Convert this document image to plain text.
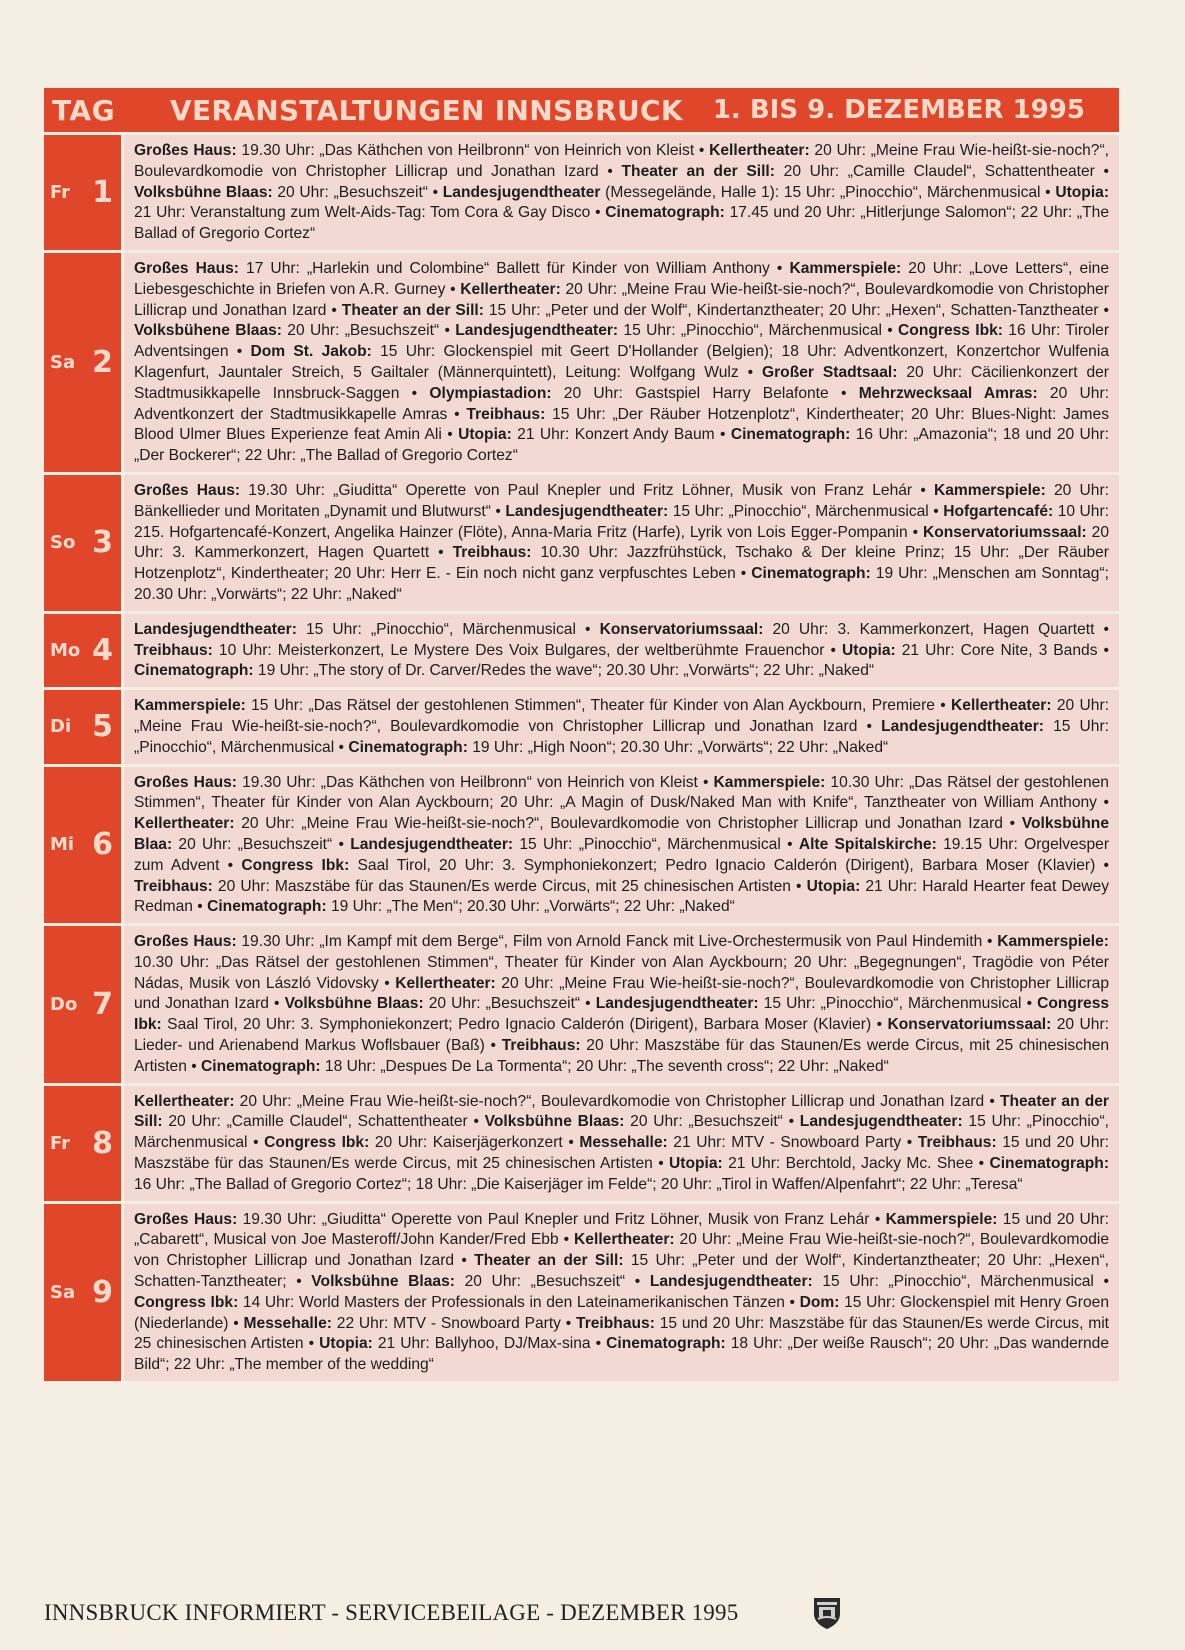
TAG	VERANSTALTUNGEN INNSBRUCK 1. BIS 9. DEZEMBER 1995
Fr 1
Großes Haus: 19.30 Uhr: „Das Käthchen von Heilbronn“ von Heinrich von Kleist • Kellertheater: 20 Uhr: „Meine Frau Wie-heißt-sie-noch?“, Boulevardkomodie von Christopher Lillicrap und Jonathan Izard • Theater an der Sill: 20 Uhr: „Camille Claudel“, Schattentheater • Volksbühne Blaas: 20 Uhr: „Besuchszeit“ • Landesjugendtheater (Messegelände, Halle 1): 15 Uhr: „Pinocchio“, Märchenmusical • Utopia: 21 Uhr: Veranstaltung zum Welt-Aids-Tag: Tom Cora & Gay Disco • Cinematograph: 17.45 und 20 Uhr: „Hitlerjunge Salomon“; 22 Uhr: „The Ballad of Gregorio Cortez“
Sa 2
Großes Haus: 17 Uhr: „Harlekin und Colombine“ Ballett für Kinder von William Anthony • Kammerspiele: 20 Uhr: „Love Letters“, eine Liebesgeschichte in Briefen von A.R. Gurney • Kellertheater: 20 Uhr: „Meine Frau Wie-heißt-sie-noch?“, Boulevardkomodie von Christopher Lillicrap und Jonathan Izard • Theater an der Sill: 15 Uhr: „Peter und der Wolf“, Kindertanztheater; 20 Uhr: „Hexen“, Schatten-Tanztheater • Volksbühene Blaas: 20 Uhr: „Besuchszeit“ • Landesjugendtheater: 15 Uhr: „Pinocchio“, Märchenmusical • Congress Ibk: 16 Uhr: Tiroler Adventsingen • Dom St. Jakob: 15 Uhr: Glockenspiel mit Geert D'Hollander (Belgien); 18 Uhr: Adventkonzert, Konzertchor Wulfenia Klagenfurt, Jauntaler Streich, 5 Gailtaler (Männerquintett), Leitung: Wolfgang Wulz • Großer Stadtsaal: 20 Uhr: Cäcilienkonzert der Stadtmusikkapelle Innsbruck-Saggen • Olympiastadion: 20 Uhr: Gastspiel Harry Belafonte • Mehrzwecksaal Amras: 20 Uhr: Adventkonzert der Stadtmusikkapelle Amras • Treibhaus: 15 Uhr: „Der Räuber Hotzenplotz“, Kindertheater; 20 Uhr: Blues-Night: James Blood Ulmer Blues Experienze feat Amin Ali • Utopia: 21 Uhr: Konzert Andy Baum • Cinematograph: 16 Uhr: „Amazonia“; 18 und 20 Uhr: „Der Bockerer“; 22 Uhr: „The Ballad of Gregorio Cortez“
So 3
Großes Haus: 19.30 Uhr: „Giuditta“ Operette von Paul Knepler und Fritz Löhner, Musik von Franz Lehár • Kammerspiele: 20 Uhr: Bänkellieder und Moritaten „Dynamit und Blutwurst“ • Landesjugendtheater: 15 Uhr: „Pinocchio“, Märchenmusical • Hofgartencafé: 10 Uhr: 215. Hofgartencafé-Konzert, Angelika Hainzer (Flöte), Anna-Maria Fritz (Harfe), Lyrik von Lois Egger-Pompanin • Konservatoriumssaal: 20 Uhr: 3. Kammerkonzert, Hagen Quartett • Treibhaus: 10.30 Uhr: Jazzfrühstück, Tschako & Der kleine Prinz; 15 Uhr: „Der Räuber Hotzenplotz“, Kindertheater; 20 Uhr: Herr E. - Ein noch nicht ganz verpfuschtes Leben • Cinematograph: 19 Uhr: „Menschen am Sonntag“; 20.30 Uhr: „Vorwärts“; 22 Uhr: „Naked“
Mo 4
Landesjugendtheater: 15 Uhr: „Pinocchio“, Märchenmusical • Konservatoriumssaal: 20 Uhr: 3. Kammerkonzert, Hagen Quartett • Treibhaus: 10 Uhr: Meisterkonzert, Le Mystere Des Voix Bulgares, der weltberühmte Frauenchor • Utopia: 21 Uhr: Core Nite, 3 Bands • Cinematograph: 19 Uhr: „The story of Dr. Carver/Redes the wave“; 20.30 Uhr: „Vorwärts“; 22 Uhr: „Naked“
Di 5
Kammerspiele: 15 Uhr: „Das Rätsel der gestohlenen Stimmen“, Theater für Kinder von Alan Ayckbourn, Premiere • Kellertheater: 20 Uhr: „Meine Frau Wie-heißt-sie-noch?“, Boulevardkomodie von Christopher Lillicrap und Jonathan Izard • Landesjugendtheater: 15 Uhr: „Pinocchio“, Märchenmusical • Cinematograph: 19 Uhr: „High Noon“; 20.30 Uhr: „Vorwärts“; 22 Uhr: „Naked“
Mi 6
Großes Haus: 19.30 Uhr: „Das Käthchen von Heilbronn“ von Heinrich von Kleist • Kammerspiele: 10.30 Uhr: „Das Rätsel der gestohlenen Stimmen“, Theater für Kinder von Alan Ayckbourn; 20 Uhr: „A Magin of Dusk/Naked Man with Knife“, Tanztheater von William Anthony • Kellertheater: 20 Uhr: „Meine Frau Wie-heißt-sie-noch?“, Boulevardkomodie von Christopher Lillicrap und Jonathan Izard • Volksbühne Blaa: 20 Uhr: „Besuchszeit“ • Landesjugendtheater: 15 Uhr: „Pinocchio“, Märchenmusical • Alte Spitalskirche: 19.15 Uhr: Orgelvesper zum Advent • Congress Ibk: Saal Tirol, 20 Uhr: 3. Symphoniekonzert; Pedro Ignacio Calderón (Dirigent), Barbara Moser (Klavier) • Treibhaus: 20 Uhr: Maszstäbe für das Staunen/Es werde Circus, mit 25 chinesischen Artisten • Utopia: 21 Uhr: Harald Hearter feat Dewey Redman • Cinematograph: 19 Uhr: „The Men“; 20.30 Uhr: „Vorwärts“; 22 Uhr: „Naked“
Do 7
Großes Haus: 19.30 Uhr: „Im Kampf mit dem Berge“, Film von Arnold Fanck mit Live-Orchestermusik von Paul Hindemith • Kammerspiele: 10.30 Uhr: „Das Rätsel der gestohlenen Stimmen“, Theater für Kinder von Alan Ayckbourn; 20 Uhr: „Begegnungen“, Tragödie von Péter Nádas, Musik von László Vidovsky • Kellertheater: 20 Uhr: „Meine Frau Wie-heißt-sie-noch?“, Boulevardkomodie von Christopher Lillicrap und Jonathan Izard • Volksbühne Blaas: 20 Uhr: „Besuchszeit“ • Landesjugendtheater: 15 Uhr: „Pinocchio“, Märchenmusical • Congress Ibk: Saal Tirol, 20 Uhr: 3. Symphoniekonzert; Pedro Ignacio Calderón (Dirigent), Barbara Moser (Klavier) • Konservatoriumssaal: 20 Uhr: Lieder- und Arienabend Markus Woflsbauer (Baß) • Treibhaus: 20 Uhr: Maszstäbe für das Staunen/Es werde Circus, mit 25 chinesischen Artisten • Cinematograph: 18 Uhr: „Despues De La Tormenta“; 20 Uhr: „The seventh cross“; 22 Uhr: „Naked“
Fr 8
Kellertheater: 20 Uhr: „Meine Frau Wie-heißt-sie-noch?“, Boulevardkomodie von Christopher Lillicrap und Jonathan Izard • Theater an der Sill: 20 Uhr: „Camille Claudel“, Schattentheater • Volksbühne Blaas: 20 Uhr: „Besuchszeit“ • Landesjugendtheater: 15 Uhr: „Pinocchio“, Märchenmusical • Congress Ibk: 20 Uhr: Kaiserjägerkonzert • Messehalle: 21 Uhr: MTV - Snowboard Party • Treibhaus: 15 und 20 Uhr: Maszstäbe für das Staunen/Es werde Circus, mit 25 chinesischen Artisten • Utopia: 21 Uhr: Berchtold, Jacky Mc. Shee • Cinematograph: 16 Uhr: „The Ballad of Gregorio Cortez“; 18 Uhr: „Die Kaiserjäger im Felde“; 20 Uhr: „Tirol in Waffen/Alpenfahrt“; 22 Uhr: „Teresa“
Sa 9
Großes Haus: 19.30 Uhr: „Giuditta“ Operette von Paul Knepler und Fritz Löhner, Musik von Franz Lehár • Kammerspiele: 15 und 20 Uhr: „Cabarett“, Musical von Joe Masteroff/John Kander/Fred Ebb • Kellertheater: 20 Uhr: „Meine Frau Wie-heißt-sie-noch?“, Boulevardkomodie von Christopher Lillicrap und Jonathan Izard • Theater an der Sill: 15 Uhr: „Peter und der Wolf“, Kindertanztheater; 20 Uhr: „Hexen“, Schatten-Tanztheater; • Volksbühne Blaas: 20 Uhr: „Besuchszeit“ • Landesjugendtheater: 15 Uhr: „Pinocchio“, Märchenmusical • Congress Ibk: 14 Uhr: World Masters der Professionals in den Lateinamerikanischen Tänzen • Dom: 15 Uhr: Glockenspiel mit Henry Groen (Niederlande) • Messehalle: 22 Uhr: MTV - Snowboard Party • Treibhaus: 15 und 20 Uhr: Maszstäbe für das Staunen/Es werde Circus, mit 25 chinesischen Artisten • Utopia: 21 Uhr: Ballyhoo, DJ/Max-sina • Cinematograph: 18 Uhr: „Der weiße Rausch“; 20 Uhr: „Das wandernde Bild“; 22 Uhr: „The member of the wedding“
INNSBRUCK INFORMIERT - SERVICEBEILAGE - DEZEMBER 1995
